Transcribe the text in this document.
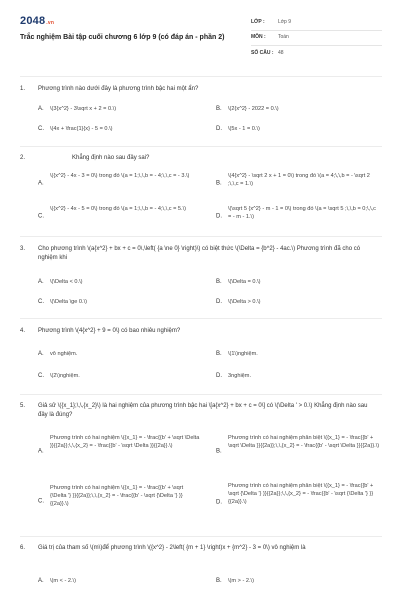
2048.vn
Trắc nghiệm Bài tập cuối chương 6 lớp 9 (có đáp án - phần 2)
LỚP :	Lớp 9
MÔN :	Toán
SỐ CÂU : 48
1.	Phương trình nào dưới đây là phương trình bậc hai một ẩn?
A.	\(3{x^2} - 3\sqrt x + 2 = 0.\)	B.	\(2{x^2} - 2022 = 0.\)
C.	\(4x + \frac{1}{x} - 5 = 0.\)	D.	\(5x - 1 = 0.\)
2.	Khẳng định nào sau đây sai?
A.
\({x^2} - 4x - 3 = 0\) trong đó \(a = 1;\,\,b = - 4;\,\,c = - 3.\)
B.
\(4{x^2} - \sqrt 2 x + 1 = 0\) trong đó \(a = 4;\,\,b = - \sqrt 2 ;\,\,c = 1.\)
C.
\({x^2} - 4x - 5 = 0\) trong đó \(a = 1;\,\,b = - 4;\,\,c = 5.\)
D.
\(\sqrt 5 {x^2} - m - 1 = 0\) trong đó \(a = \sqrt 5 ;\,\,b = 0;\,\,c = - m - 1.\)
3.	Cho phương trình \(a{x^2} + bx + c = 0\,\left( {a \ne 0} \right)\) có biệt thức \(\Delta = {b^2} - 4ac.\) Phương trình đã cho có nghiệm khi
A.	\(\Delta < 0.\)	B.	\(\Delta = 0.\)
C.	\(\Delta \ge 0.\)	D.	\(\Delta > 0.\)
4.	Phương trình \(4{x^2} + 9 = 0\) có bao nhiêu nghiệm?
A.	vô nghiệm.	B.	\(1\)nghiệm.
C.	\(2\)nghiệm.	D.	3nghiệm.
5.	Giả sử \({x_1};\,\,{x_2}\) là hai nghiệm của phương trình bậc hai \[a{x^2} + bx + c = 0\] có \(\Delta ' > 0.\) Khẳng định nào sau đây là đúng?
A.
Phương trình có hai nghiệm \({x_1} = - \frac{{b' + \sqrt \Delta }}{{2a}};\,\,{x_2} = - \frac{{b' - \sqrt \Delta }}{{2a}}.\)
B.
Phương trình có hai nghiệm phân biệt \({x_1} = - \frac{{b' + \sqrt \Delta }}{{2a}};\,\,{x_2} = - \frac{{b' - \sqrt \Delta }}{{2a}}.\)
C.
Phương trình có hai nghiệm \({x_1} = - \frac{{b' + \sqrt {\Delta '} }}{{2a}};\,\,{x_2} = - \frac{{b' - \sqrt {\Delta '} }}{{2a}}.\)	D.
Phương trình có hai nghiệm phân biệt \({x_1} = - \frac{{b' + \sqrt {\Delta '} }}{{2a}};\,\,{x_2} = - \frac{{b' - \sqrt {\Delta '} }}{{2a}}.\)
6.	Giá trị của tham số \(m\)để phương trình \({x^2} - 2\left( {m + 1} \right)x + {m^2} - 3 = 0\) vô nghiệm là
A.	\(m < - 2.\)	B.	\(m > - 2.\)
